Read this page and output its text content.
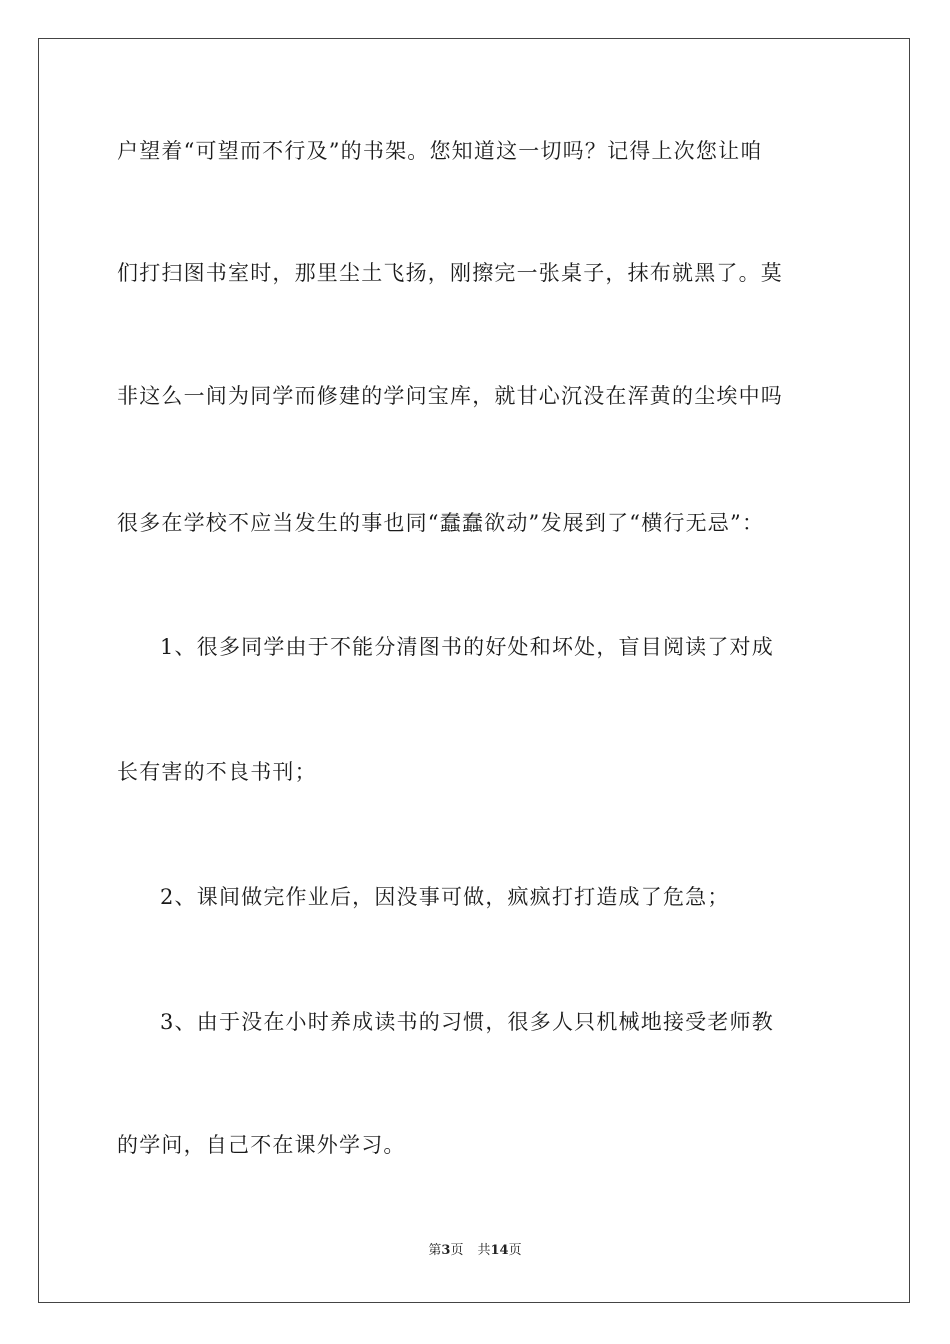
户望着“可望而不行及”的书架。您知道这一切吗？记得上次您让咱
们打扫图书室时，那里尘土飞扬，刚擦完一张桌子，抹布就黑了。莫
非这么一间为同学而修建的学问宝库，就甘心沉没在浑黄的尘埃中吗
很多在学校不应当发生的事也同“蠢蠢欲动”发展到了“横行无忌”：
1、很多同学由于不能分清图书的好处和坏处，盲目阅读了对成
长有害的不良书刊；
2、课间做完作业后，因没事可做，疯疯打打造成了危急；
3、由于没在小时养成读书的习惯，很多人只机械地接受老师教
的学问，自己不在课外学习。
第3页 共14页
